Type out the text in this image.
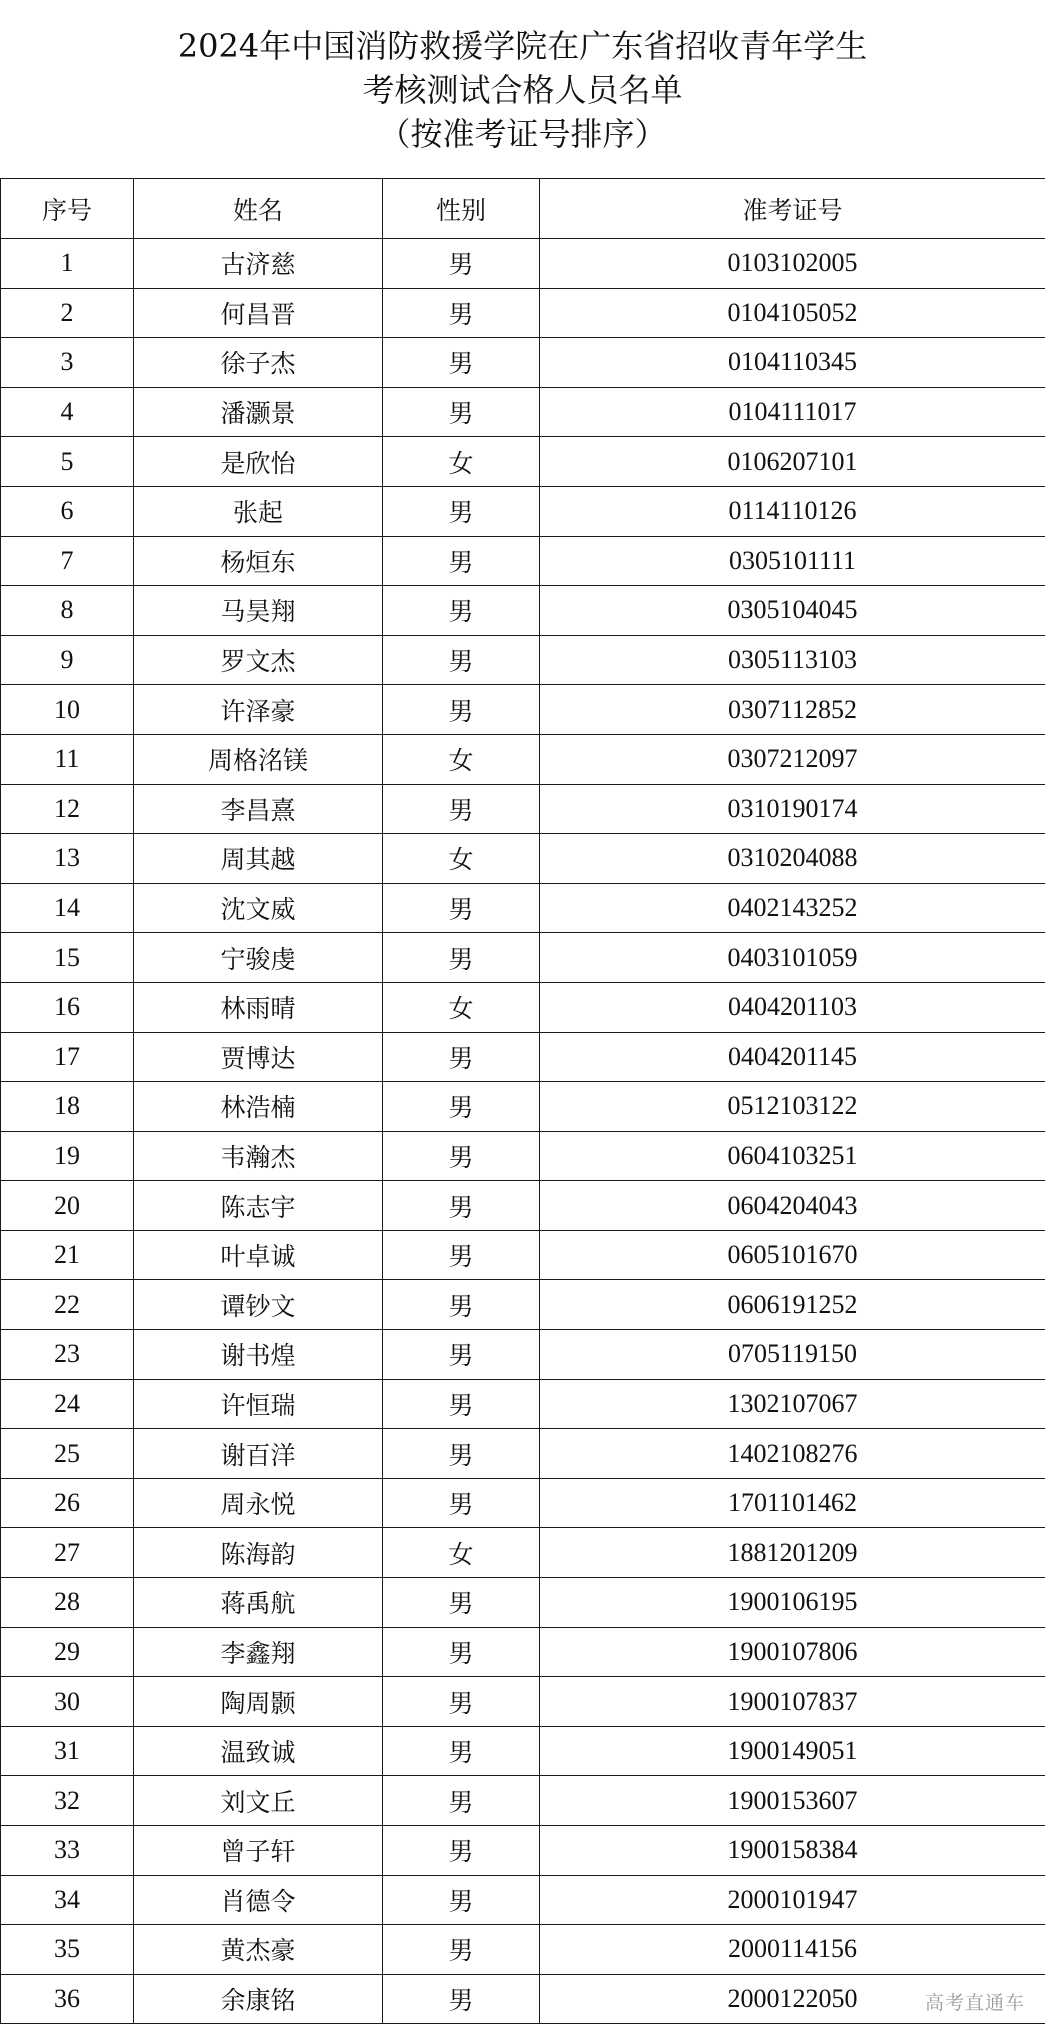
2024年中国消防救援学院在广东省招收青年学生
考核测试合格人员名单
（按准考证号排序）
序号	姓名	性别	准考证号
1	古济慈	男	0103102005
2	何昌晋	男	0104105052
3	徐子杰	男	0104110345
4	潘灏景	男	0104111017
5	是欣怡	女	0106207101
6	张起	男	0114110126
7	杨烜东	男	0305101111
8	马昊翔	男	0305104045
9	罗文杰	男	0305113103
10	许泽豪	男	0307112852
11	周格洺镁	女	0307212097
12	李昌熹	男	0310190174
13	周其越	女	0310204088
14	沈文威	男	0402143252
15	宁骏虔	男	0403101059
16	林雨晴	女	0404201103
17	贾博达	男	0404201145
18	林浩楠	男	0512103122
19	韦瀚杰	男	0604103251
20	陈志宇	男	0604204043
21	叶卓诚	男	0605101670
22	谭钞文	男	0606191252
23	谢书煌	男	0705119150
24	许恒瑞	男	1302107067
25	谢百洋	男	1402108276
26	周永悦	男	1701101462
27	陈海韵	女	1881201209
28	蒋禹航	男	1900106195
29	李鑫翔	男	1900107806
30	陶周颢	男	1900107837
31	温致诚	男	1900149051
32	刘文丘	男	1900153607
33	曾子轩	男	1900158384
34	肖德令	男	2000101947
35	黄杰豪	男	2000114156
36	余康铭	男	2000122050	高考直通车
